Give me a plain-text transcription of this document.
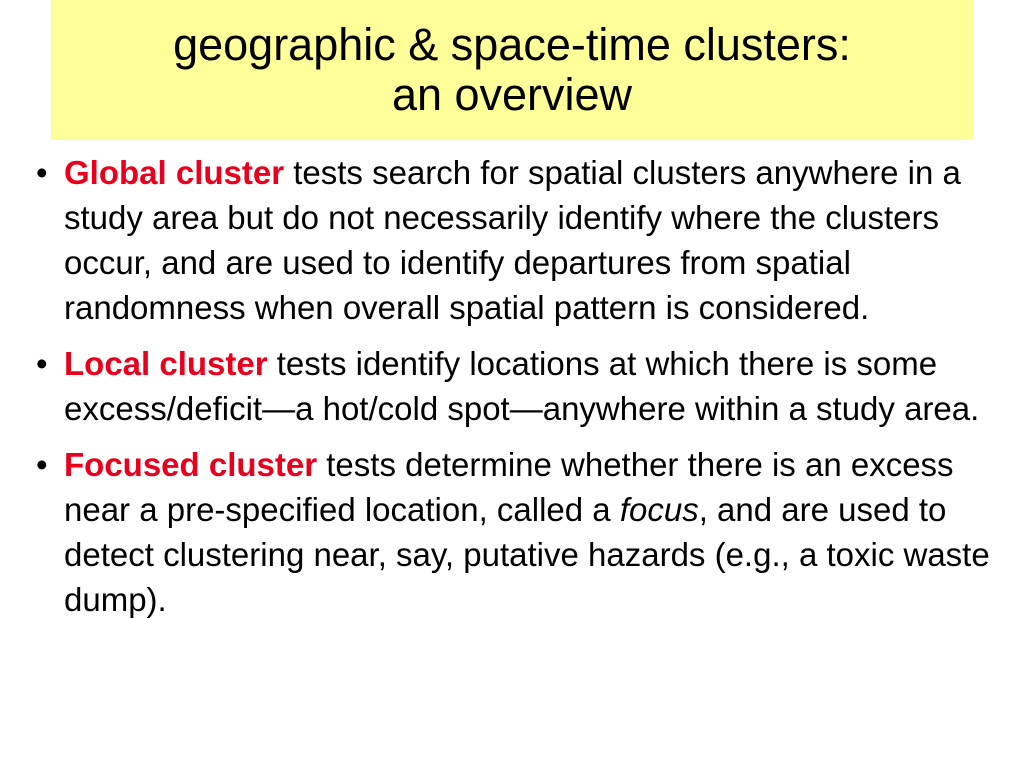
geographic & space-time clusters:
an overview
• Global cluster tests search for spatial clusters anywhere in a study area but do not necessarily identify where the clusters occur, and are used to identify departures from spatial randomness when overall spatial pattern is considered.
• Local cluster tests identify locations at which there is some excess/deficit—a hot/cold spot—anywhere within a study area.
• Focused cluster tests determine whether there is an excess near a pre-specified location, called a focus, and are used to detect clustering near, say, putative hazards (e.g., a toxic waste dump).
